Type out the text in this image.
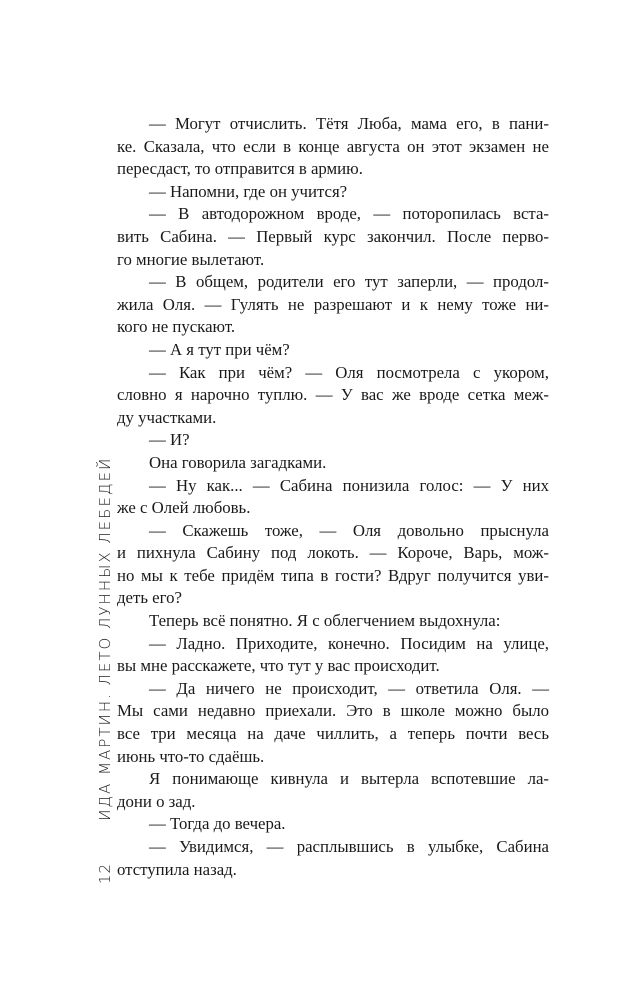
— Могут отчислить. Тётя Люба, мама его, в пани-
ке. Сказала, что если в конце августа он этот экзамен не
пересдаст, то отправится в армию.
— Напомни, где он учится?
— В автодорожном вроде, — поторопилась вста-
вить Сабина. — Первый курс закончил. После перво-
го многие вылетают.
— В общем, родители его тут заперли, — продол-
жила Оля. — Гулять не разрешают и к нему тоже ни-
кого не пускают.
— А я тут при чём?
— Как при чём? — Оля посмотрела с укором,
словно я нарочно туплю. — У вас же вроде сетка меж-
ду участками.
— И?
Она говорила загадками.
— Ну как... — Сабина понизила голос: — У них
же с Олей любовь.
— Скажешь тоже, — Оля довольно прыснула
и пихнула Сабину под локоть. — Короче, Варь, мож-
но мы к тебе придём типа в гости? Вдруг получится уви-
деть его?
Теперь всё понятно. Я с облегчением выдохнула:
— Ладно. Приходите, конечно. Посидим на улице,
вы мне расскажете, что тут у вас происходит.
— Да ничего не происходит, — ответила Оля. —
Мы сами недавно приехали. Это в школе можно было
все три месяца на даче чиллить, а теперь почти весь
июнь что-то сдаёшь.
Я понимающе кивнула и вытерла вспотевшие ла-
дони о зад.
— Тогда до вечера.
— Увидимся, — расплывшись в улыбке, Сабина
отступила назад.
12
ИДА МАРТИН. ЛЕТО ЛУННЫХ ЛЕБЕДЕЙ
